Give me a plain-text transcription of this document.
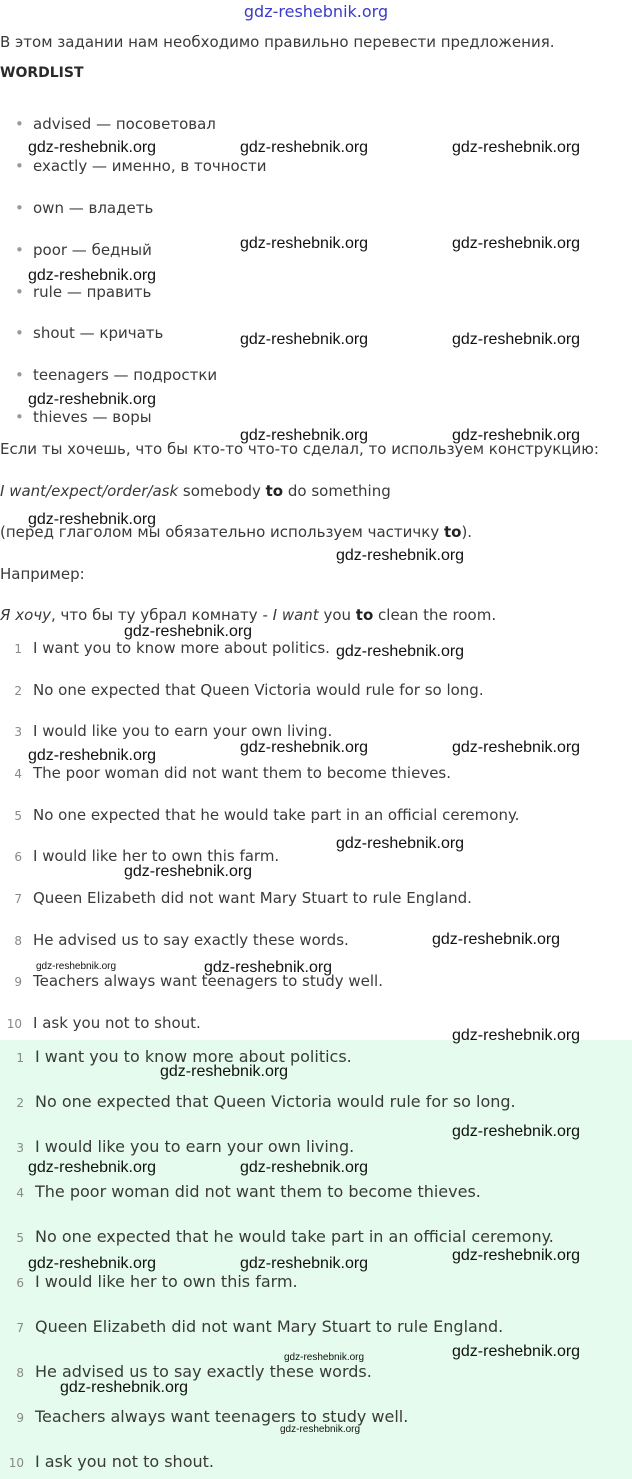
gdz-reshebnik.org
В этом задании нам необходимо правильно перевести предложения.
WORDLIST
• advised — посоветовал
• exactly — именно, в точности
• own — владеть
• poor — бедный
• rule — править
• shout — кричать
• teenagers — подростки
• thieves — воры
Если ты хочешь, что бы кто-то что-то сделал, то используем конструкцию:
I want/expect/order/ask somebody to do something
(перед глаголом мы обязательно используем частичку to).
Например:
Я хочу, что бы ту убрал комнату - I want you to clean the room.
1 I want you to know more about politics.
2 No one expected that Queen Victoria would rule for so long.
3 I would like you to earn your own living.
4 The poor woman did not want them to become thieves.
5 No one expected that he would take part in an official ceremony.
6 I would like her to own this farm.
7 Queen Elizabeth did not want Mary Stuart to rule England.
8 He advised us to say exactly these words.
9 Teachers always want teenagers to study well.
10 I ask you not to shout.
1 I want you to know more about politics.
2 No one expected that Queen Victoria would rule for so long.
3 I would like you to earn your own living.
4 The poor woman did not want them to become thieves.
5 No one expected that he would take part in an official ceremony.
6 I would like her to own this farm.
7 Queen Elizabeth did not want Mary Stuart to rule England.
8 He advised us to say exactly these words.
9 Teachers always want teenagers to study well.
10 I ask you not to shout.
gdz-reshebnik.org	gdz-reshebnik.org	gdz-reshebnik.org
gdz-reshebnik.org	gdz-reshebnik.org
gdz-reshebnik.org
gdz-reshebnik.org	gdz-reshebnik.org
gdz-reshebnik.org
gdz-reshebnik.org	gdz-reshebnik.org
gdz-reshebnik.org
gdz-reshebnik.org
gdz-reshebnik.org
gdz-reshebnik.org
gdz-reshebnik.org	gdz-reshebnik.org
gdz-reshebnik.org
gdz-reshebnik.org
gdz-reshebnik.org
gdz-reshebnik.org
gdz-reshebnik.org	gdz-reshebnik.org
gdz-reshebnik.org
gdz-reshebnik.org
gdz-reshebnik.org
gdz-reshebnik.org	gdz-reshebnik.org
gdz-reshebnik.org
gdz-reshebnik.org	gdz-reshebnik.org
gdz-reshebnik.org
gdz-reshebnik.org
gdz-reshebnik.org
gdz-reshebnik.org
